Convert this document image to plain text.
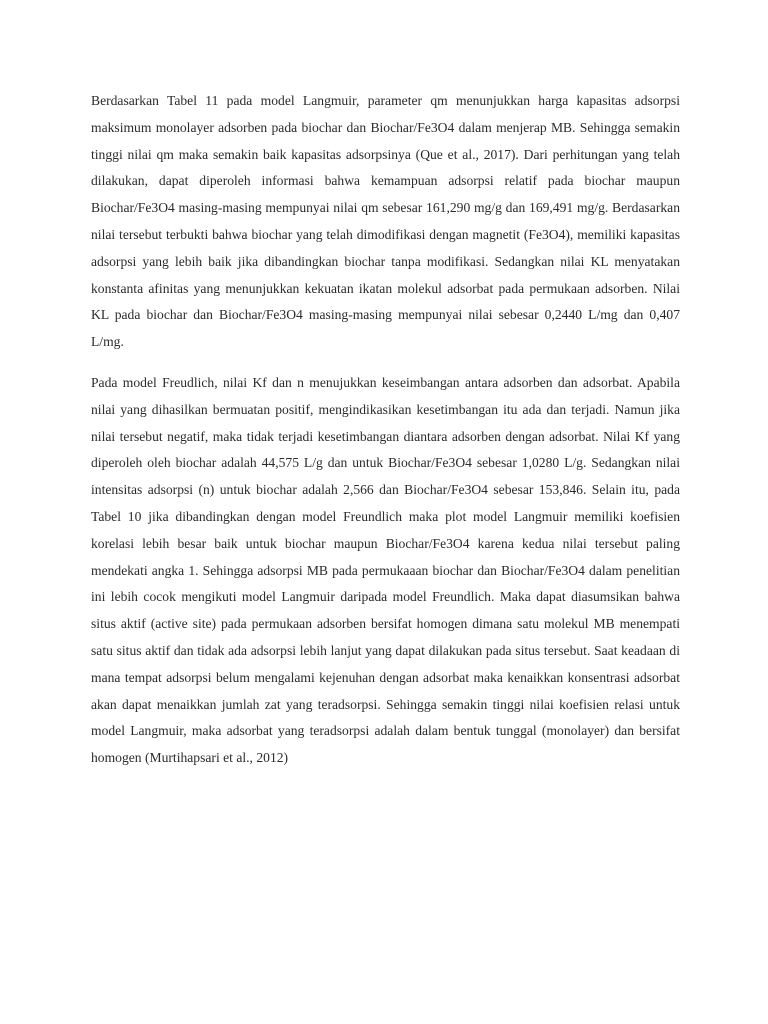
Berdasarkan Tabel 11 pada model Langmuir, parameter qm menunjukkan harga kapasitas adsorpsi maksimum monolayer adsorben pada biochar dan Biochar/Fe3O4 dalam menjerap MB. Sehingga semakin tinggi nilai qm maka semakin baik kapasitas adsorpsinya (Que et al., 2017). Dari perhitungan yang telah dilakukan, dapat diperoleh informasi bahwa kemampuan adsorpsi relatif pada biochar maupun Biochar/Fe3O4 masing-masing mempunyai nilai qm sebesar 161,290 mg/g dan 169,491 mg/g. Berdasarkan nilai tersebut terbukti bahwa biochar yang telah dimodifikasi dengan magnetit (Fe3O4), memiliki kapasitas adsorpsi yang lebih baik jika dibandingkan biochar tanpa modifikasi. Sedangkan nilai KL menyatakan konstanta afinitas yang menunjukkan kekuatan ikatan molekul adsorbat pada permukaan adsorben. Nilai KL pada biochar dan Biochar/Fe3O4 masing-masing mempunyai nilai sebesar 0,2440 L/mg dan 0,407 L/mg.

Pada model Freudlich, nilai Kf dan n menujukkan keseimbangan antara adsorben dan adsorbat. Apabila nilai yang dihasilkan bermuatan positif, mengindikasikan kesetimbangan itu ada dan terjadi. Namun jika nilai tersebut negatif, maka tidak terjadi kesetimbangan diantara adsorben dengan adsorbat. Nilai Kf yang diperoleh oleh biochar adalah 44,575 L/g dan untuk Biochar/Fe3O4 sebesar 1,0280 L/g. Sedangkan nilai intensitas adsorpsi (n) untuk biochar adalah 2,566 dan Biochar/Fe3O4 sebesar 153,846. Selain itu, pada Tabel 10 jika dibandingkan dengan model Freundlich maka plot model Langmuir memiliki koefisien korelasi lebih besar baik untuk biochar maupun Biochar/Fe3O4 karena kedua nilai tersebut paling mendekati angka 1. Sehingga adsorpsi MB pada permukaaan biochar dan Biochar/Fe3O4 dalam penelitian ini lebih cocok mengikuti model Langmuir daripada model Freundlich. Maka dapat diasumsikan bahwa situs aktif (active site) pada permukaan adsorben bersifat homogen dimana satu molekul MB menempati satu situs aktif dan tidak ada adsorpsi lebih lanjut yang dapat dilakukan pada situs tersebut. Saat keadaan di mana tempat adsorpsi belum mengalami kejenuhan dengan adsorbat maka kenaikkan konsentrasi adsorbat akan dapat menaikkan jumlah zat yang teradsorpsi. Sehingga semakin tinggi nilai koefisien relasi untuk model Langmuir, maka adsorbat yang teradsorpsi adalah dalam bentuk tunggal (monolayer) dan bersifat homogen (Murtihapsari et al., 2012)
